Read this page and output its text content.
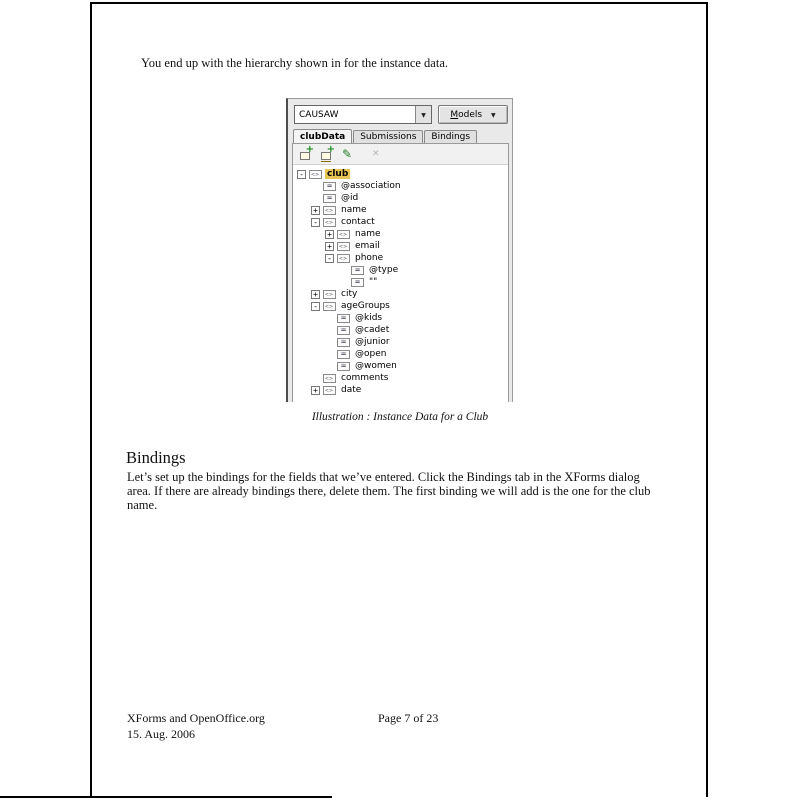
You end up with the hierarchy shown in for the instance data.
CAUSAW ▼	Models
▼
clubData	Submissions	Bindings
+
+
✎
✕
-
<>
club
=
@association
=
@id
+
<>
name
-
<>
contact
+
<>
name
+
<>
email
-
<>
phone
=
@type
=
""
+
<>
city
-
<>
ageGroups
=
@kids
=
@cadet
=
@junior
=
@open
=
@women
<>
comments
+
<>
date
Illustration : Instance Data for a Club
Bindings
Let’s set up the bindings for the fields that we’ve entered. Click the Bindings tab in the XForms dialog area. If there are already bindings there, delete them. The first binding we will add is the one for the club name.
XForms and OpenOffice.org	Page 7 of 23
15. Aug. 2006
